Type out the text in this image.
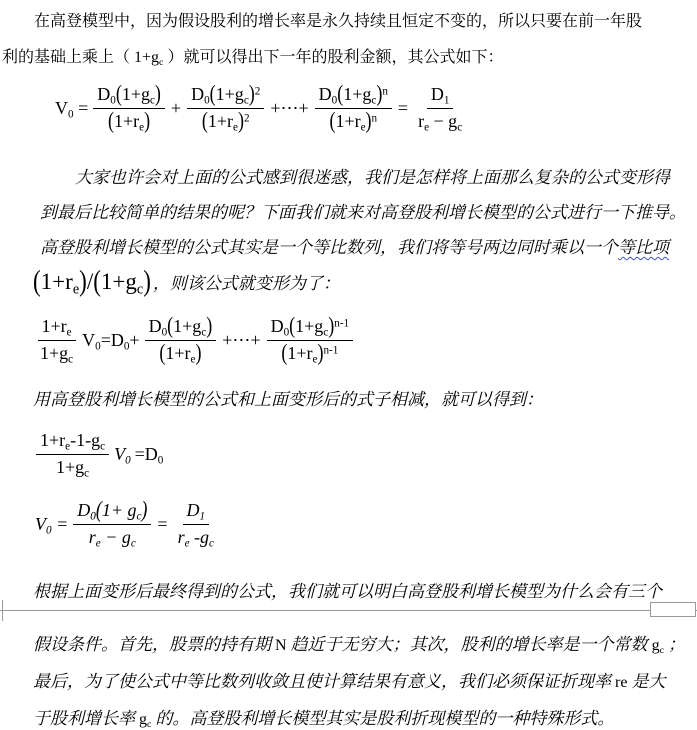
在高登模型中，因为假设股利的增长率是永久持续且恒定不变的，所以只要在前一年股
利的基础上乘上（ 1+gc ）就可以得出下一年的股利金额，其公式如下：
$V0 = \frac{D0(1+gc)}{(1+re)} + \frac{D0(1+gc)^2}{(1+re)^2}$ +⋯+ $\frac{D0(1+gc)^n}{(1+re)^n} = \frac{D1}{re - gc}$
大家也许会对上面的公式感到很迷惑，我们是怎样将上面那么复杂的公式变形得
到最后比较简单的结果的呢？下面我们就来对高登股利增长模型的公式进行一下推导。
高登股利增长模型的公式其实是一个等比数列，我们将等号两边同时乘以一个等比项
(1+re)/(1+gc) ，则该公式就变形为了：
$\frac{1+re}{1+gc} V0=D0+ \frac{D0(1+gc)}{(1+re)}$ +⋯+ $\frac{D0(1+gc)^{n-1}}{(1+re)^{n-1}}$
用高登股利增长模型的公式和上面变形后的式子相减，就可以得到：
$\frac{1+re-1-gc}{1+gc} V0 =D0$
$V0 = \frac{D0(1+ gc)}{re - gc} = \frac{D1}{re -gc}$
根据上面变形后最终得到的公式，我们就可以明白高登股利增长模型为什么会有三个
假设条件。首先，股票的持有期 N 趋近于无穷大；其次，股利的增长率是一个常数 gc ；
最后，为了使公式中等比数列收敛且使计算结果有意义，我们必须保证折现率 re 是大
于股利增长率 gc 的。高登股利增长模型其实是股利折现模型的一种特殊形式。
